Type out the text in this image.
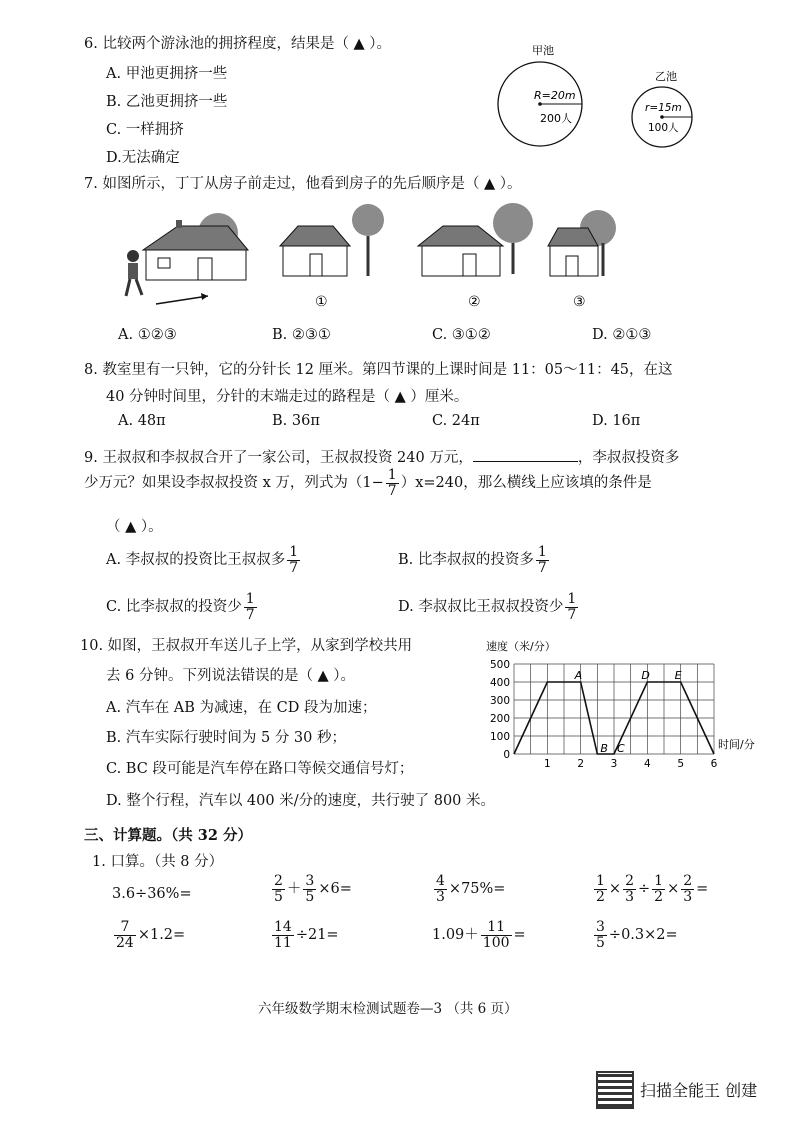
6. 比较两个游泳池的拥挤程度，结果是（ ▲ ）。
A. 甲池更拥挤一些
B. 乙池更拥挤一些
C. 一样拥挤
D.无法确定
甲池
R=20m
200人
乙池
r=15m
100人
7. 如图所示，丁丁从房子前走过，他看到房子的先后顺序是（ ▲ ）。
①	②	③
A. ①②③	B. ②③①	C. ③①②	D. ②①③
8. 教室里有一只钟，它的分针长 12 厘米。第四节课的上课时间是 11：05～11：45，在这
40 分钟时间里，分针的末端走过的路程是（ ▲ ）厘米。
A. 48π	B. 36π	C. 24π	D. 16π
9. 王叔叔和李叔叔合开了一家公司，王叔叔投资 240 万元，	，李叔叔投资多
少万元？如果设李叔叔投资 x 万，列式为$(1- \frac{1}{7} )x=240$，那么横线上应该填的条件是
（ ▲ ）。
A. 李叔叔的投资比王叔叔多 $\frac{1}{7}$	B. 比李叔叔的投资多 $\frac{1}{7}$
C. 比李叔叔的投资少 $\frac{1}{7}$	D. 李叔叔比王叔叔投资少 $\frac{1}{7}$
10. 如图，王叔叔开车送儿子上学，从家到学校共用
去 6 分钟。下列说法错误的是（ ▲ ）。
A. 汽车在 AB 为减速，在 CD 段为加速；
B. 汽车实际行驶时间为 5 分 30 秒；
C. BC 段可能是汽车停在路口等候交通信号灯；
D. 整个行程，汽车以 400 米/分的速度，共行驶了 800 米。
速度（米/分）
时间/分
0
100
200
300
400
500
1	2	3	4	5	6
A
B C
D E
三、计算题。（共 32 分）
1. 口算。（共 8 分）
3.6÷36%=	$\frac{2}{5} + \frac{3}{5} \times 6=$	$\frac{4}{3} \times 75\%=$	$\frac{1}{2} \times \frac{2}{3} \div \frac{1}{2} \times \frac{2}{3}$ =
$\frac{7}{24} \times 1.2=$	$\frac{14}{11} \div 21=$	$1.09+ \frac{11}{100}$ =	$\frac{3}{5} \div 0.3\times 2=$
六年级数学期末检测试题卷—3 （共 6 页）
扫描全能王 创建
